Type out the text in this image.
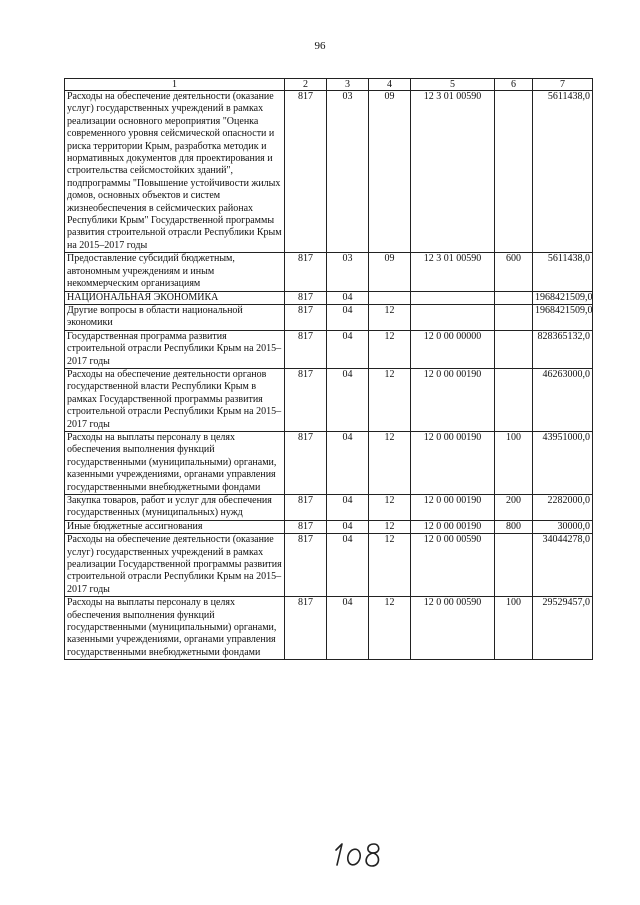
96
1	2	3	4	5	6	7
Расходы на обеспечение деятельности (оказание услуг) государственных учреждений в рамках реализации основного мероприятия "Оценка современного уровня сейсмической опасности и риска территории Крым, разработка методик и нормативных документов для проектирования и строительства сейсмостойких зданий", подпрограммы "Повышение устойчивости жилых домов, основных объектов и систем жизнеобеспечения в сейсмических районах Республики Крым" Государственной программы развития строительной отрасли Республики Крым на 2015–2017 годы	817	03	09	12 3 01 00590		5611438,0
Предоставление субсидий бюджетным, автономным учреждениям и иным некоммерческим организациям	817	03	09	12 3 01 00590	600	5611438,0
НАЦИОНАЛЬНАЯ ЭКОНОМИКА	817	04				1968421509,0
Другие вопросы в области национальной экономики	817	04	12			1968421509,0
Государственная программа развития строительной отрасли Республики Крым на 2015–2017 годы	817	04	12	12 0 00 00000		828365132,0
Расходы на обеспечение деятельности органов государственной власти Республики Крым в рамках Государственной программы развития строительной отрасли Республики Крым на 2015–2017 годы	817	04	12	12 0 00 00190		46263000,0
Расходы на выплаты персоналу в целях обеспечения выполнения функций государственными (муниципальными) органами, казенными учреждениями, органами управления государственными внебюджетными фондами	817	04	12	12 0 00 00190	100	43951000,0
Закупка товаров, работ и услуг для обеспечения государственных (муниципальных) нужд	817	04	12	12 0 00 00190	200	2282000,0
Иные бюджетные ассигнования	817	04	12	12 0 00 00190	800	30000,0
Расходы на обеспечение деятельности (оказание услуг) государственных учреждений в рамках реализации Государственной программы развития строительной отрасли Республики Крым на 2015–2017 годы	817	04	12	12 0 00 00590		34044278,0
Расходы на выплаты персоналу в целях обеспечения выполнения функций государственными (муниципальными) органами, казенными учреждениями, органами управления государственными внебюджетными фондами	817	04	12	12 0 00 00590	100	29529457,0
